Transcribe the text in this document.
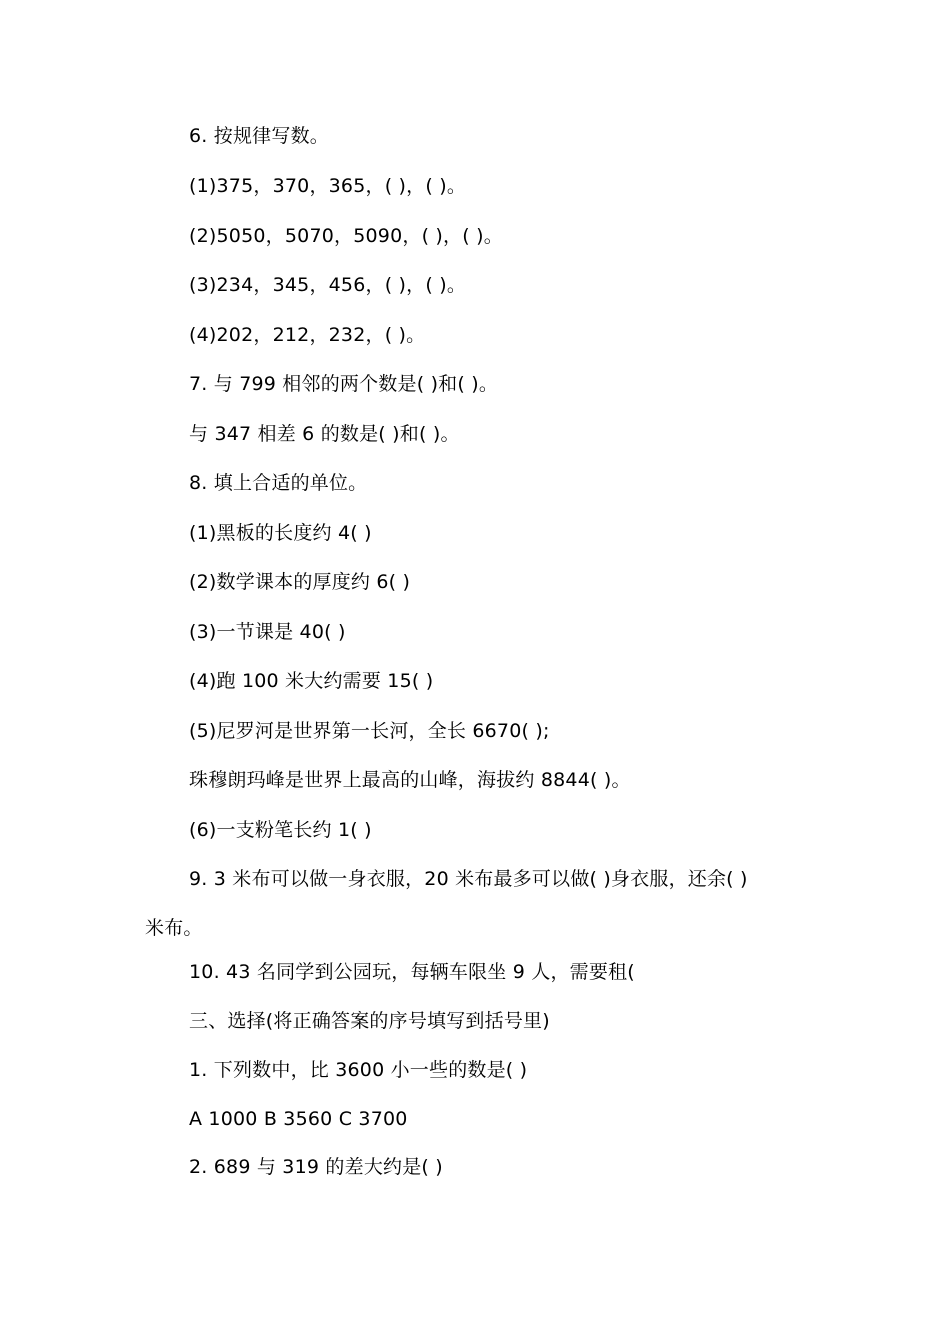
6. 按规律写数。
(1)375，370，365，( )，( )。
(2)5050，5070，5090，( )，( )。
(3)234，345，456，( )，( )。
(4)202，212，232，( )。
7. 与 799 相邻的两个数是( )和( )。
与 347 相差 6 的数是( )和( )。
8. 填上合适的单位。
(1)黑板的长度约 4( )
(2)数学课本的厚度约 6( )
(3)一节课是 40( )
(4)跑 100 米大约需要 15( )
(5)尼罗河是世界第一长河，全长 6670( );
珠穆朗玛峰是世界上最高的山峰，海拔约 8844( )。
(6)一支粉笔长约 1( )
9. 3 米布可以做一身衣服，20 米布最多可以做( )身衣服，还余( )
米布。
10. 43 名同学到公园玩，每辆车限坐 9 人，需要租(
三、选择(将正确答案的序号填写到括号里)
1. 下列数中，比 3600 小一些的数是( )
A 1000 B 3560 C 3700
2. 689 与 319 的差大约是( )
